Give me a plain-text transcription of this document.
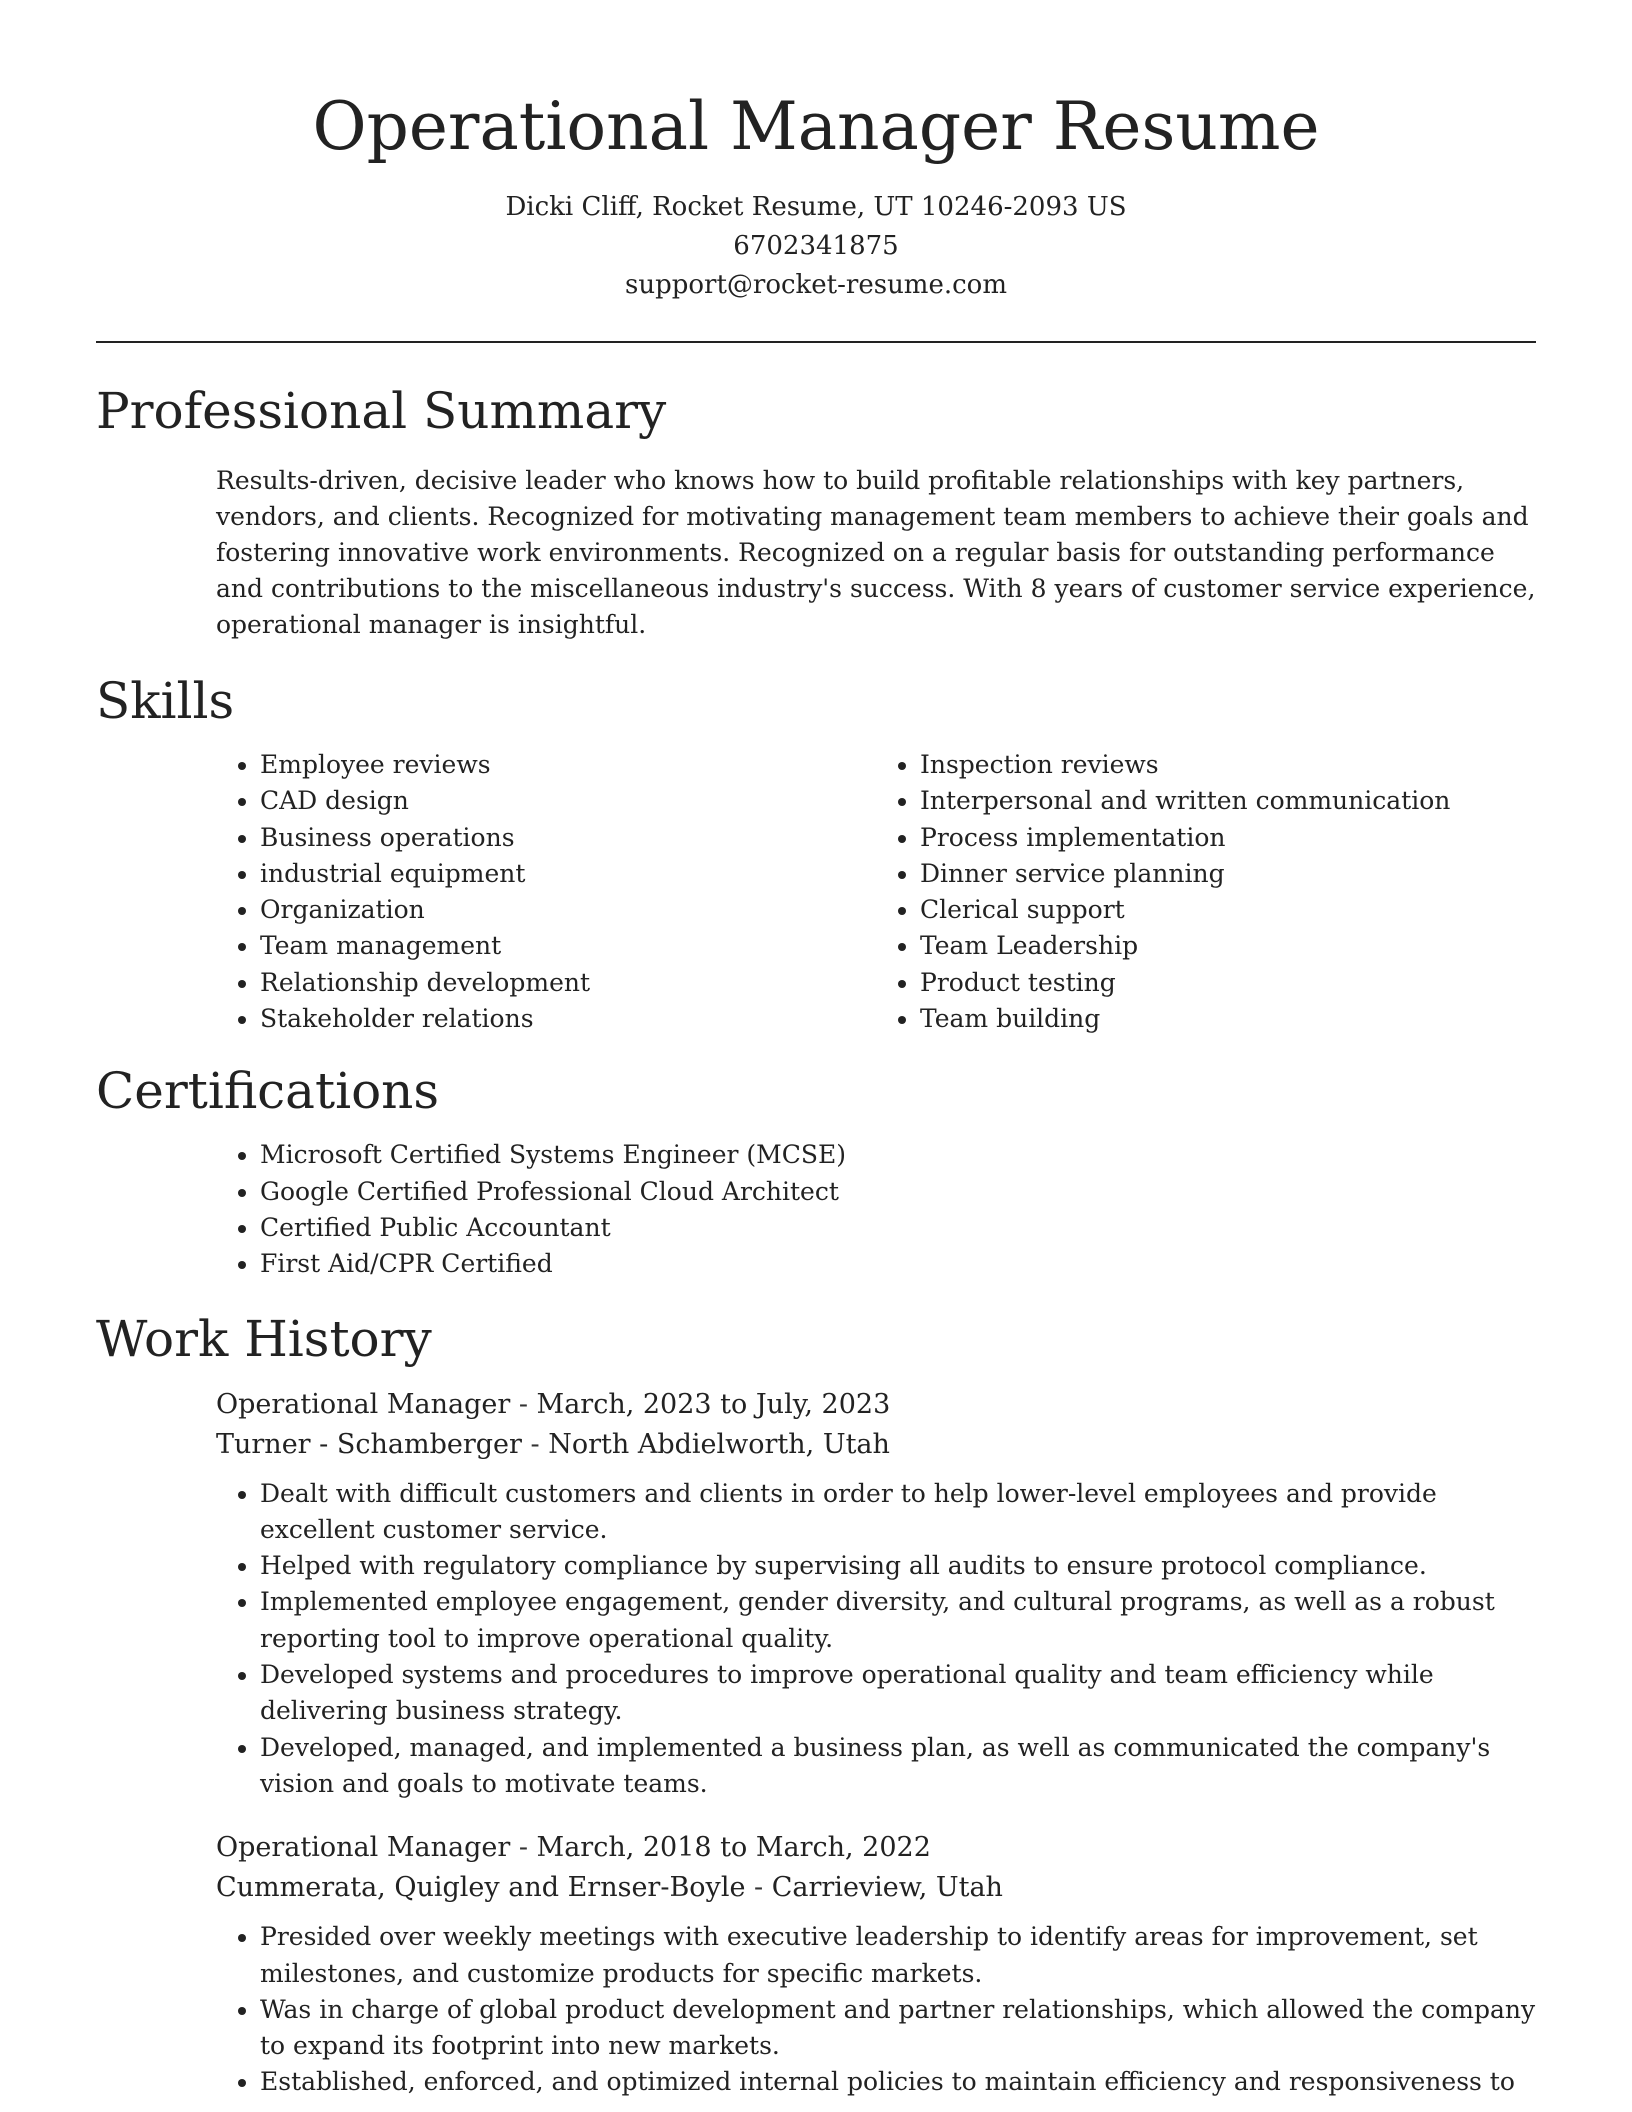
Operational Manager Resume

Dicki Cliff, Rocket Resume, UT 10246-2093 US

6702341875

support@rocket-resume.com

Professional Summary

Results-driven, decisive leader who knows how to build profitable relationships with key partners, vendors, and clients. Recognized for motivating management team members to achieve their goals and fostering innovative work environments. Recognized on a regular basis for outstanding performance and contributions to the miscellaneous industry's success. With 8 years of customer service experience, operational manager is insightful.

Skills
• Employee reviews
• CAD design
• Business operations
• industrial equipment
• Organization
• Team management
• Relationship development
• Stakeholder relations
• Inspection reviews
• Interpersonal and written communication
• Process implementation
• Dinner service planning
• Clerical support
• Team Leadership
• Product testing
• Team building
Certifications
• Microsoft Certified Systems Engineer (MCSE)
• Google Certified Professional Cloud Architect
• Certified Public Accountant
• First Aid/CPR Certified
Work History

Operational Manager - March, 2023 to July, 2023

Turner - Schamberger - North Abdielworth, Utah

• Dealt with difficult customers and clients in order to help lower-level employees and provide excellent customer service.
• Helped with regulatory compliance by supervising all audits to ensure protocol compliance.
• Implemented employee engagement, gender diversity, and cultural programs, as well as a robust reporting tool to improve operational quality.
• Developed systems and procedures to improve operational quality and team efficiency while delivering business strategy.
• Developed, managed, and implemented a business plan, as well as communicated the company's vision and goals to motivate teams.

Operational Manager - March, 2018 to March, 2022

Cummerata, Quigley and Ernser-Boyle - Carrieview, Utah

• Presided over weekly meetings with executive leadership to identify areas for improvement, set milestones, and customize products for specific markets.
• Was in charge of global product development and partner relationships, which allowed the company to expand its footprint into new markets.
• Established, enforced, and optimized internal policies to maintain efficiency and responsiveness to
